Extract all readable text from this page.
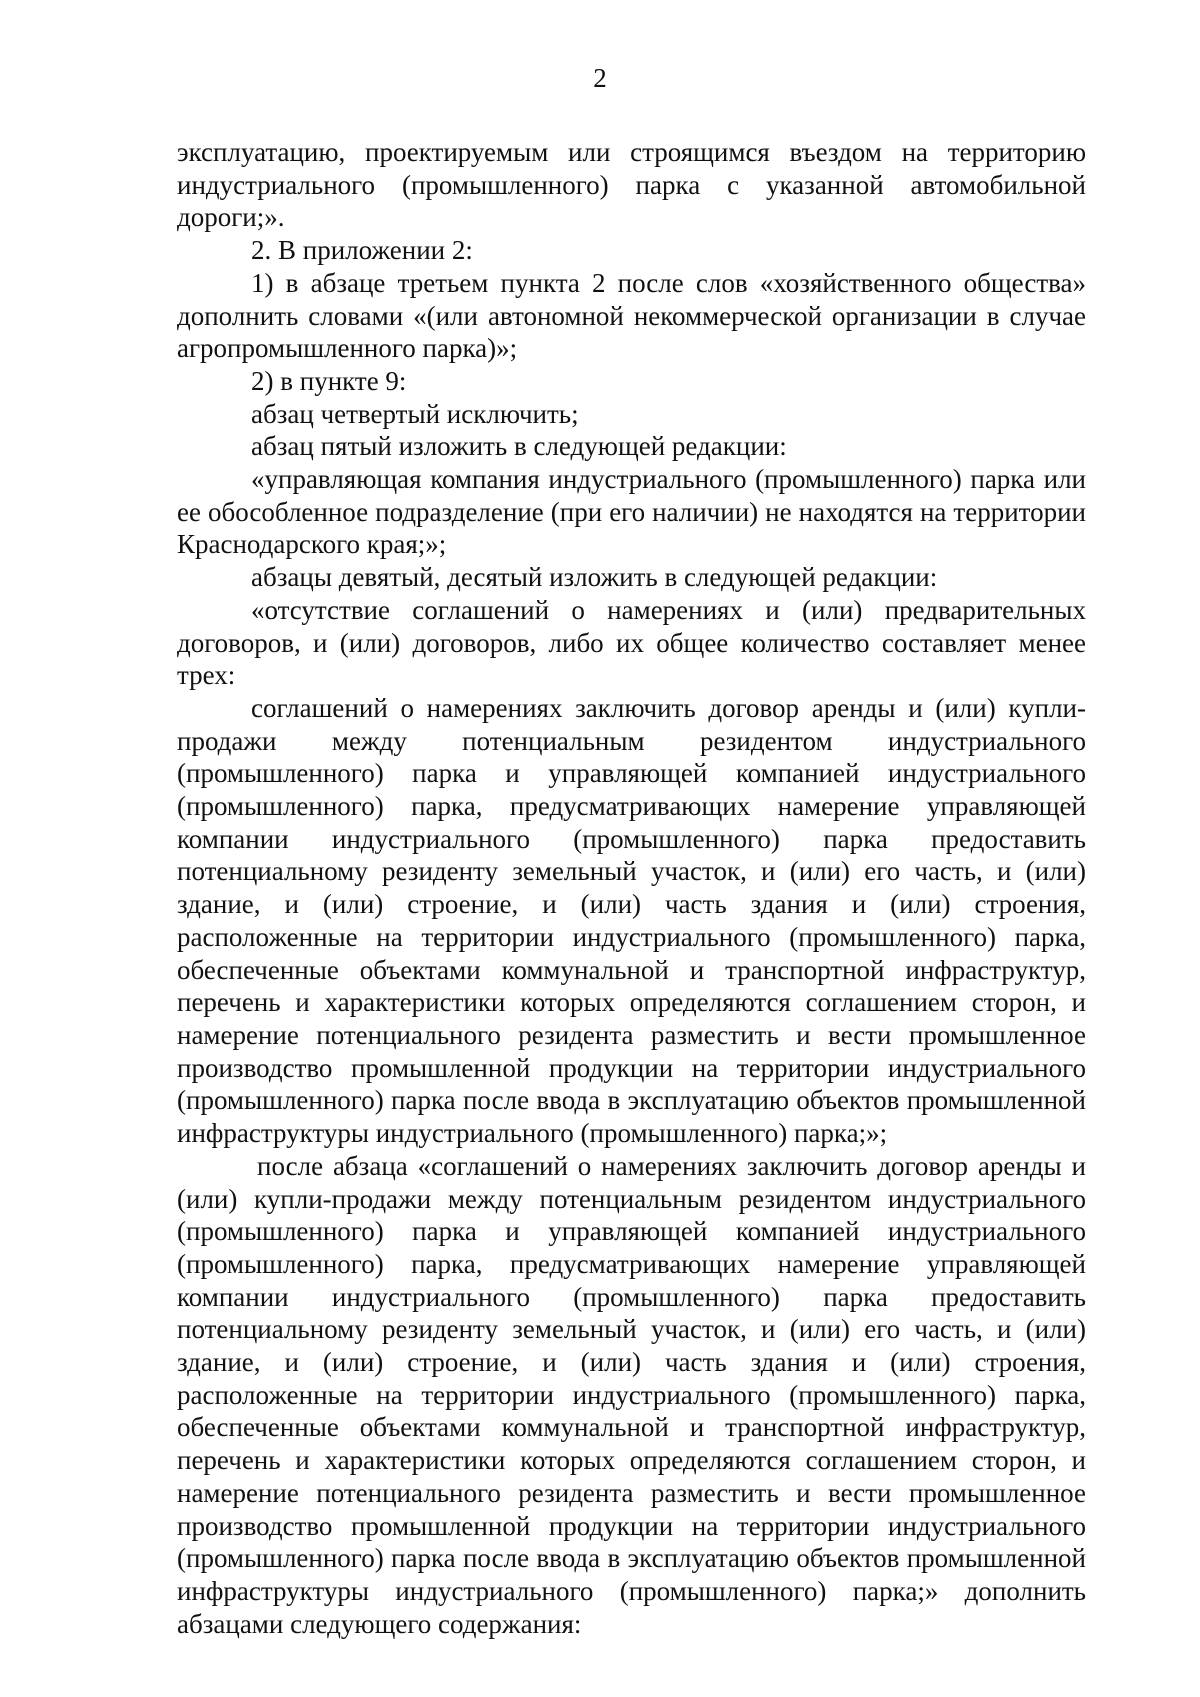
2

эксплуатацию, проектируемым или строящимся въездом на территорию индустриального (промышленного) парка с указанной автомобильной дороги;».

2. В приложении 2:

1) в абзаце третьем пункта 2 после слов «хозяйственного общества» дополнить словами «(или автономной некоммерческой организации в случае агропромышленного парка)»;

2) в пункте 9:

абзац четвертый исключить;

абзац пятый изложить в следующей редакции:

«управляющая компания индустриального (промышленного) парка или ее обособленное подразделение (при его наличии) не находятся на территории Краснодарского края;»;

абзацы девятый, десятый изложить в следующей редакции:

«отсутствие соглашений о намерениях и (или) предварительных договоров, и (или) договоров, либо их общее количество составляет менее трех:

соглашений о намерениях заключить договор аренды и (или) купли-продажи между потенциальным резидентом индустриального (промышленного) парка и управляющей компанией индустриального (промышленного) парка, предусматривающих намерение управляющей компании индустриального (промышленного) парка предоставить потенциальному резиденту земельный участок, и (или) его часть, и (или) здание, и (или) строение, и (или) часть здания и (или) строения, расположенные на территории индустриального (промышленного) парка, обеспеченные объектами коммунальной и транспортной инфраструктур, перечень и характеристики которых определяются соглашением сторон, и намерение потенциального резидента разместить и вести промышленное производство промышленной продукции на территории индустриального (промышленного) парка после ввода в эксплуатацию объектов промышленной инфраструктуры индустриального (промышленного) парка;»;

после абзаца «соглашений о намерениях заключить договор аренды и (или) купли-продажи между потенциальным резидентом индустриального (промышленного) парка и управляющей компанией индустриального (промышленного) парка, предусматривающих намерение управляющей компании индустриального (промышленного) парка предоставить потенциальному резиденту земельный участок, и (или) его часть, и (или) здание, и (или) строение, и (или) часть здания и (или) строения, расположенные на территории индустриального (промышленного) парка, обеспеченные объектами коммунальной и транспортной инфраструктур, перечень и характеристики которых определяются соглашением сторон, и намерение потенциального резидента разместить и вести промышленное производство промышленной продукции на территории индустриального (промышленного) парка после ввода в эксплуатацию объектов промышленной инфраструктуры индустриального (промышленного) парка;» дополнить абзацами следующего содержания:
